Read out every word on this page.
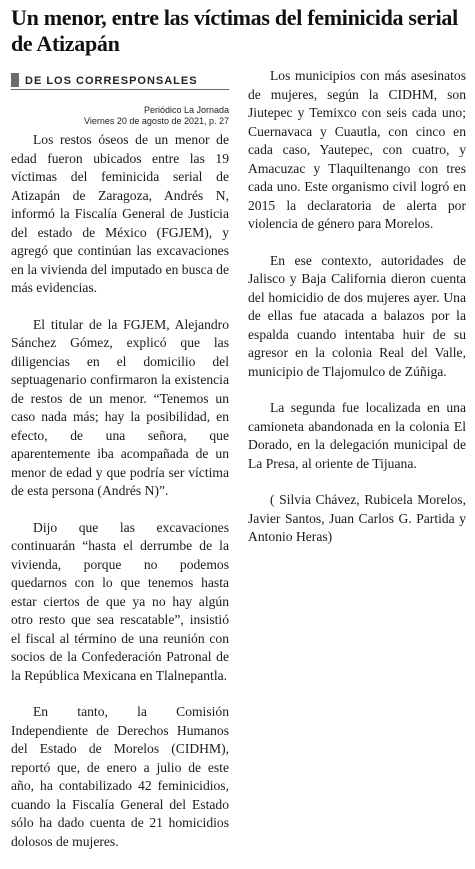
Un menor, entre las víctimas del feminicida serial de Atizapán
DE LOS CORRESPONSALES
Periódico La Jornada
Viernes 20 de agosto de 2021, p. 27

Los restos óseos de un menor de edad fueron ubicados entre las 19 víctimas del feminicida serial de Atizapán de Zaragoza, Andrés N, informó la Fiscalía General de Justicia del estado de México (FGJEM), y agregó que continúan las excavaciones en la vivienda del imputado en busca de más evidencias.

El titular de la FGJEM, Alejandro Sánchez Gómez, explicó que las diligencias en el domicilio del septuagenario confirmaron la existencia de restos de un menor. “Tenemos un caso nada más; hay la posibilidad, en efecto, de una señora, que aparentemente iba acompañada de un menor de edad y que podría ser víctima de esta persona (Andrés N)”.

Dijo que las excavaciones continuarán “hasta el derrumbe de la vivienda, porque no podemos quedarnos con lo que tenemos hasta estar ciertos de que ya no hay algún otro resto que sea rescatable”, insistió el fiscal al término de una reunión con socios de la Confederación Patronal de la República Mexicana en Tlalnepantla.

En tanto, la Comisión Independiente de Derechos Humanos del Estado de Morelos (CIDHM), reportó que, de enero a julio de este año, ha contabilizado 42 feminicidios, cuando la Fiscalía General del Estado sólo ha dado cuenta de 21 homicidios dolosos de mujeres.

Los municipios con más asesinatos de mujeres, según la CIDHM, son Jiutepec y Temixco con seis cada uno; Cuernavaca y Cuautla, con cinco en cada caso, Yautepec, con cuatro, y Amacuzac y Tlaquiltenango con tres cada uno. Este organismo civil logró en 2015 la declaratoria de alerta por violencia de género para Morelos.

En ese contexto, autoridades de Jalisco y Baja California dieron cuenta del homicidio de dos mujeres ayer. Una de ellas fue atacada a balazos por la espalda cuando intentaba huir de su agresor en la colonia Real del Valle, municipio de Tlajomulco de Zúñiga.

La segunda fue localizada en una camioneta abandonada en la colonia El Dorado, en la delegación municipal de La Presa, al oriente de Tijuana.

( Silvia Chávez, Rubicela Morelos, Javier Santos, Juan Carlos G. Partida y Antonio Heras)
